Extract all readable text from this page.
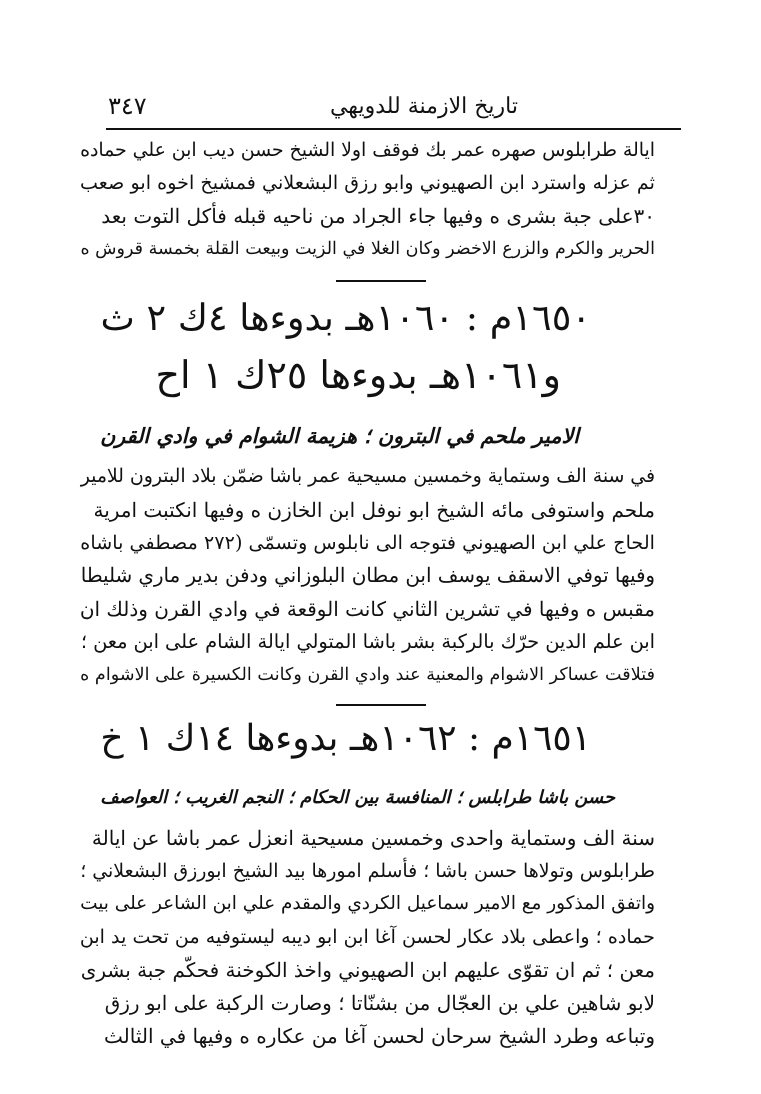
تاريخ الازمنة للدويهي
٣٤٧
ايالة طرابلوس صهره عمر بك فوقف اولا الشيخ حسن ديب ابن علي حماده
ثم عزله واسترد ابن الصهيوني وابو رزق البشعلاني فمشيخ اخوه ابو صعب
٣٠على جبة بشرى ه وفيها جاء الجراد من ناحيه قبله فأكل التوت بعد
الحرير والكرم والزرع الاخضر وكان الغلا في الزيت وبيعت القلة بخمسة قروش ه
١٦٥٠م : ١٠٦٠هـ بدوءها ٤ك ٢ ث
و١٠٦١هـ بدوءها ٢٥ك ١ اح
الامير ملحم في البترون ؛ هزيمة الشوام في وادي القرن
في سنة الف وستماية وخمسين مسيحية عمر باشا ضمّن بلاد البترون للامير
ملحم واستوفى مائه الشيخ ابو نوفل ابن الخازن ه وفيها انكتبت امرية
الحاج علي ابن الصهيوني فتوجه الى نابلوس وتسمّى (٢٧٢ مصطفي باشاه
وفيها توفي الاسقف يوسف ابن مطان البلوزاني ودفن بدير ماري شليطا
مقبس ه وفيها في تشرين الثاني كانت الوقعة في وادي القرن وذلك ان
ابن علم الدين حرّك بالركبة بشر باشا المتولي ايالة الشام على ابن معن ؛
فتلاقت عساكر الاشوام والمعنية عند وادي القرن وكانت الكسيرة على الاشوام ه
١٦٥١م : ١٠٦٢هـ بدوءها ١٤ك ١ خ
حسن باشا طرابلس ؛ المنافسة بين الحكام ؛ النجم الغريب ؛ العواصف
سنة الف وستماية واحدى وخمسين مسيحية انعزل عمر باشا عن ايالة
طرابلوس وتولاها حسن باشا ؛ فأسلم امورها بيد الشيخ ابورزق البشعلاني ؛
واتفق المذكور مع الامير سماعيل الكردي والمقدم علي ابن الشاعر على بيت
حماده ؛ واعطى بلاد عكار لحسن آغا ابن ابو ديبه ليستوفيه من تحت يد ابن
معن ؛ ثم ان تقوّى عليهم ابن الصهيوني واخذ الكوخنة فحكّم جبة بشرى
لابو شاهين علي بن العجّال من بشنّاتا ؛ وصارت الركبة على ابو رزق
وتباعه وطرد الشيخ سرحان لحسن آغا من عكاره ه وفيها في الثالث
